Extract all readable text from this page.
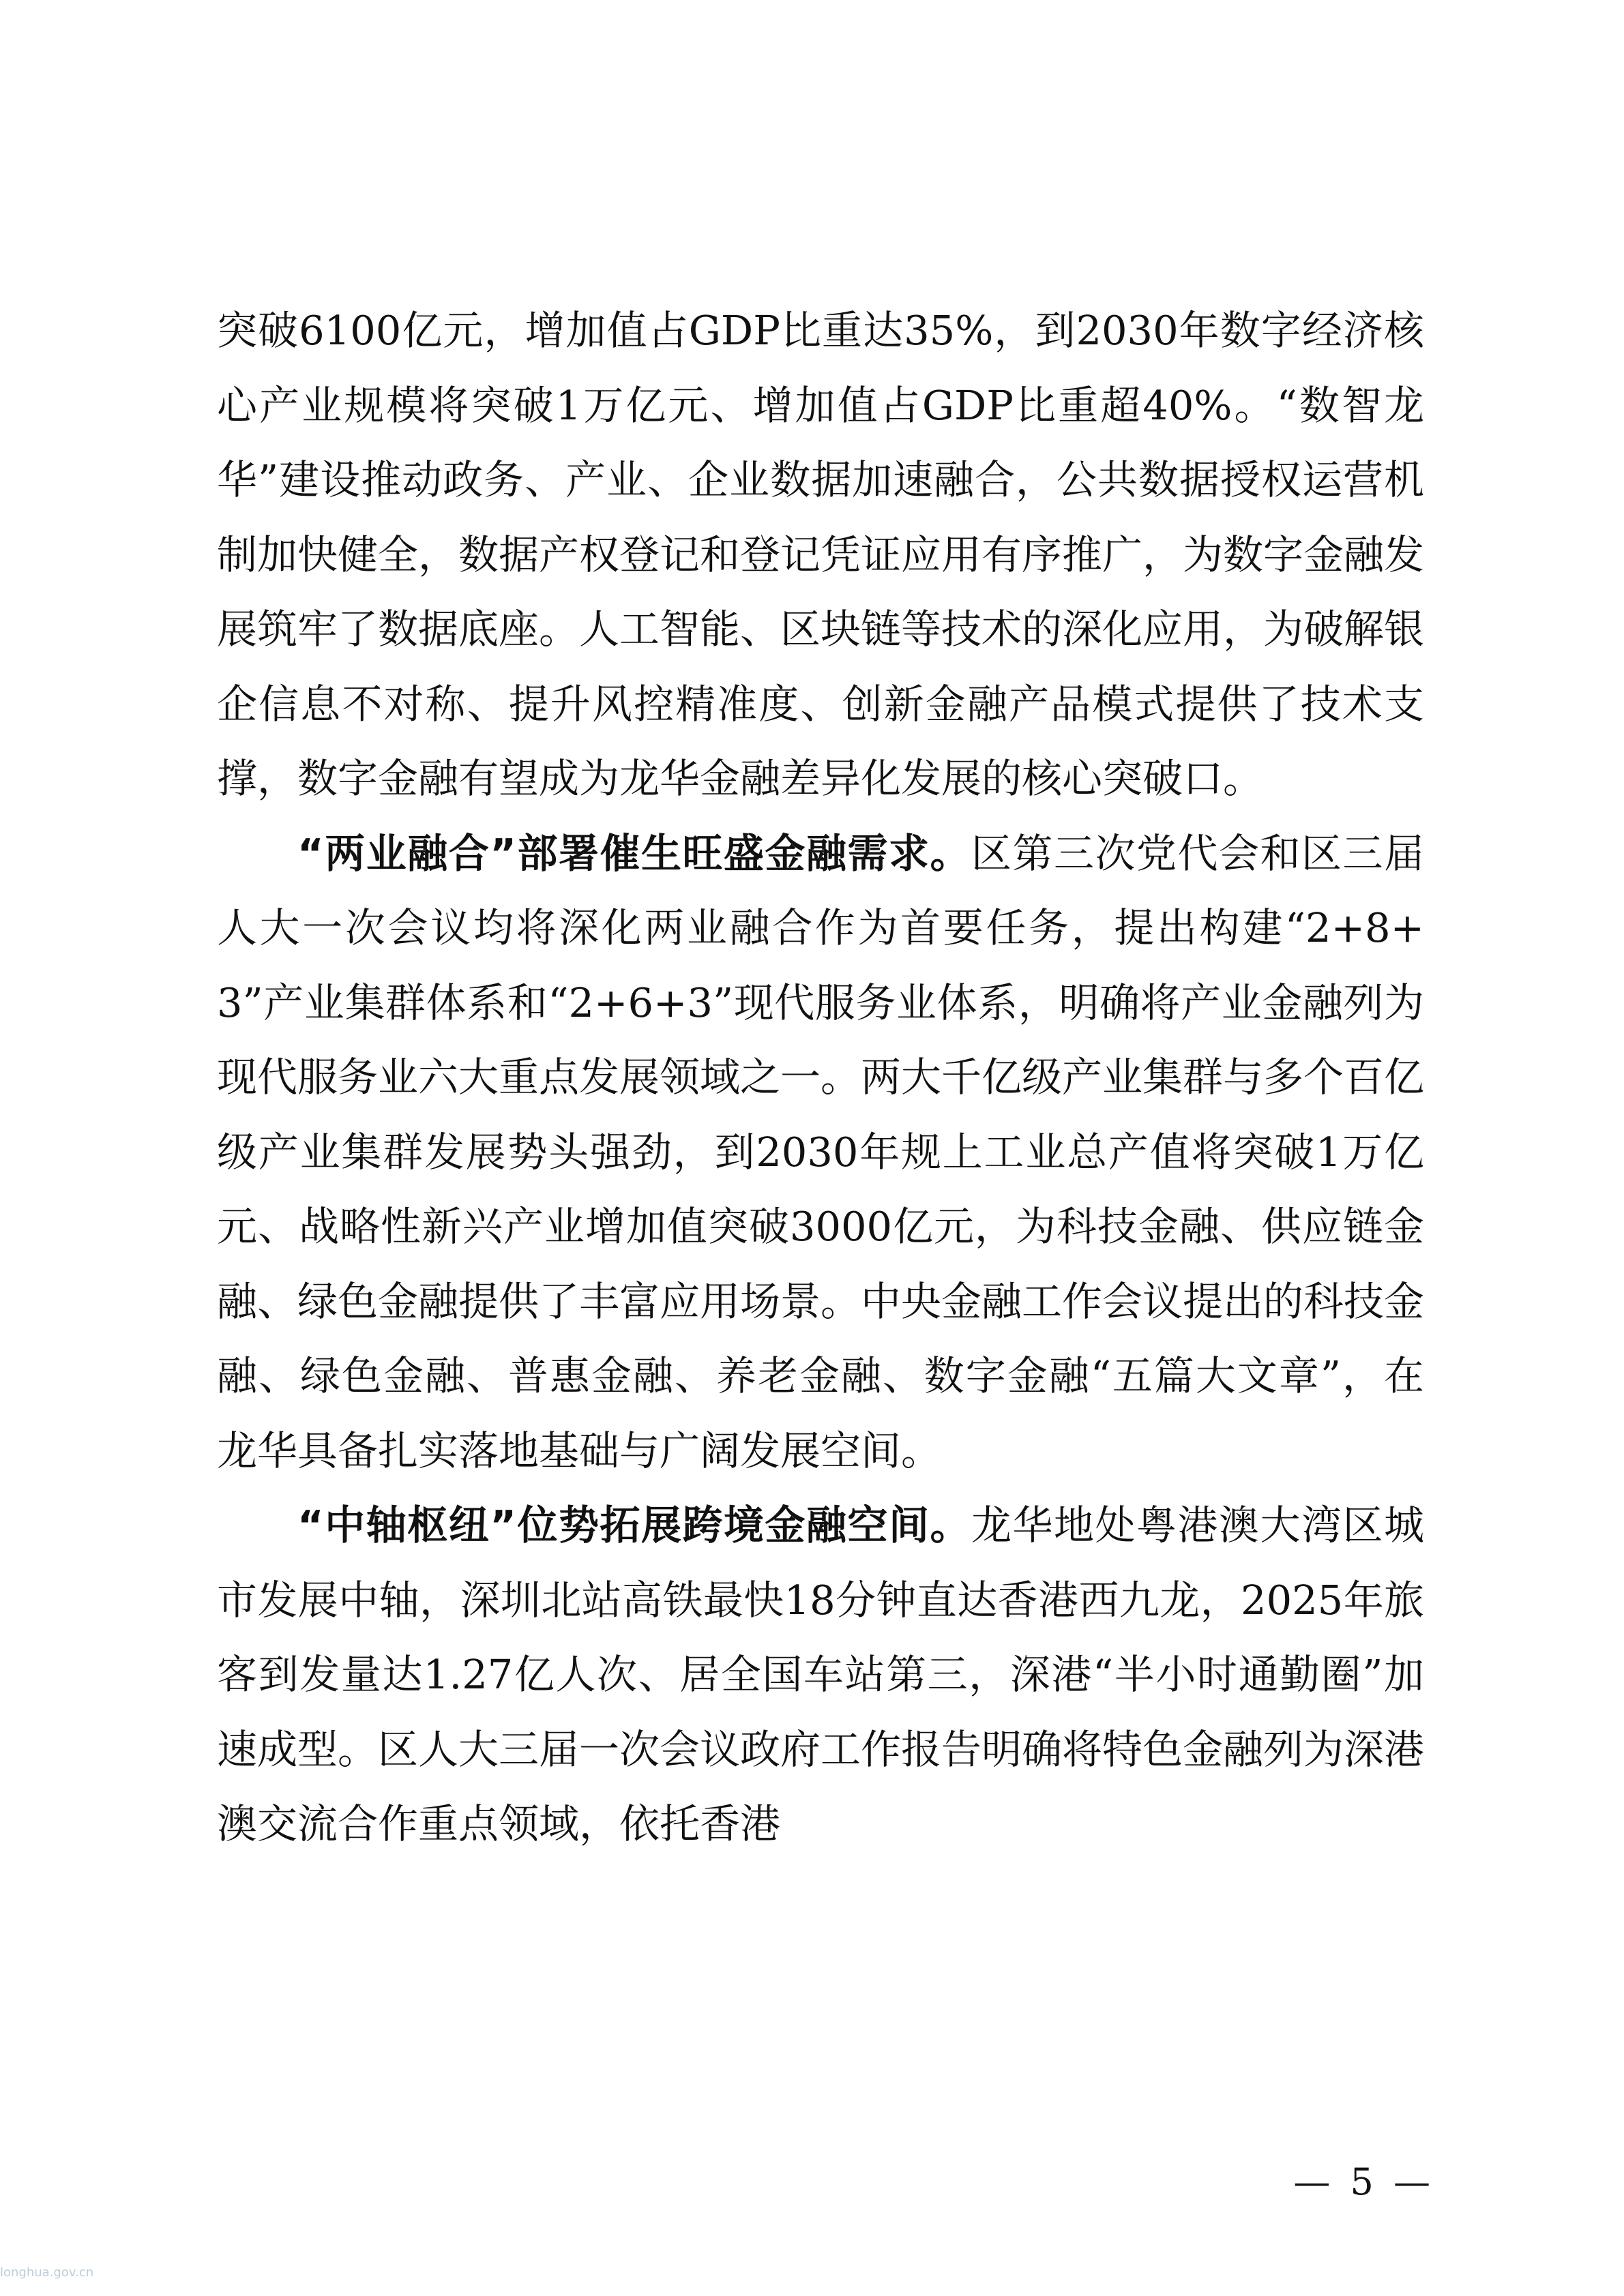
突破6100亿元，增加值占GDP比重达35%，到2030年数字经济核心产业规模将突破1万亿元、增加值占GDP比重超40%。“数智龙华”建设推动政务、产业、企业数据加速融合，公共数据授权运营机制加快健全，数据产权登记和登记凭证应用有序推广，为数字金融发展筑牢了数据底座。人工智能、区块链等技术的深化应用，为破解银企信息不对称、提升风控精准度、创新金融产品模式提供了技术支撑，数字金融有望成为龙华金融差异化发展的核心突破口。

“两业融合”部署催生旺盛金融需求。区第三次党代会和区三届人大一次会议均将深化两业融合作为首要任务，提出构建“2+8+3”产业集群体系和“2+6+3”现代服务业体系，明确将产业金融列为现代服务业六大重点发展领域之一。两大千亿级产业集群与多个百亿级产业集群发展势头强劲，到2030年规上工业总产值将突破1万亿元、战略性新兴产业增加值突破3000亿元，为科技金融、供应链金融、绿色金融提供了丰富应用场景。中央金融工作会议提出的科技金融、绿色金融、普惠金融、养老金融、数字金融“五篇大文章”，在龙华具备扎实落地基础与广阔发展空间。

“中轴枢纽”位势拓展跨境金融空间。龙华地处粤港澳大湾区城市发展中轴，深圳北站高铁最快18分钟直达香港西九龙，2025年旅客到发量达1.27亿人次、居全国车站第三，深港“半小时通勤圈”加速成型。区人大三届一次会议政府工作报告明确将特色金融列为深港澳交流合作重点领域，依托香港

— 5 —
longhua.gov.cn
